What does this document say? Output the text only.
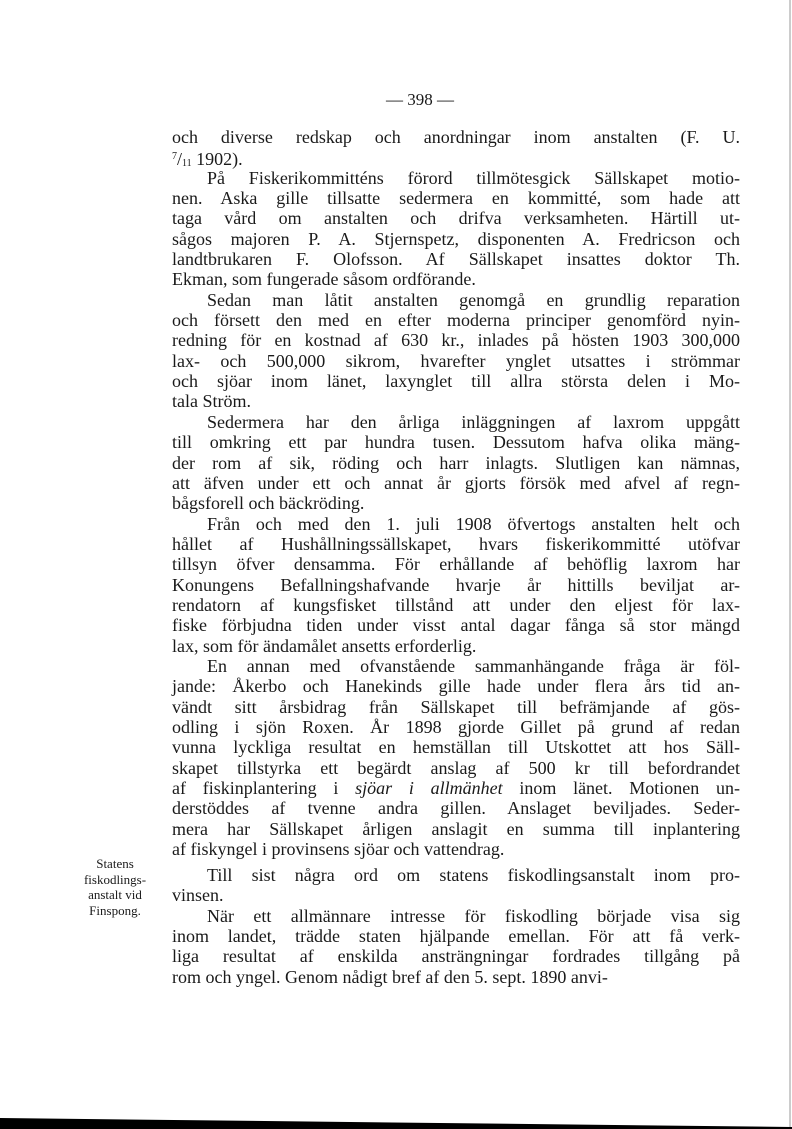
— 398 —
och diverse redskap och anordningar inom anstalten (F. U.
$^7/_{11}$ 1902).
På Fiskerikommitténs förord tillmötesgick Sällskapet motio-
nen. Aska gille tillsatte sedermera en kommitté, som hade att
taga vård om anstalten och drifva verksamheten. Härtill ut-
sågos majoren P. A. Stjernspetz, disponenten A. Fredricson och
landtbrukaren F. Olofsson. Af Sällskapet insattes doktor Th.
Ekman, som fungerade såsom ordförande.
Sedan man låtit anstalten genomgå en grundlig reparation
och försett den med en efter moderna principer genomförd nyin-
redning för en kostnad af 630 kr., inlades på hösten 1903 300,000
lax- och 500,000 sikrom, hvarefter ynglet utsattes i strömmar
och sjöar inom länet, laxynglet till allra största delen i Mo-
tala Ström.
Sedermera har den årliga inläggningen af laxrom uppgått
till omkring ett par hundra tusen. Dessutom hafva olika mäng-
der rom af sik, röding och harr inlagts. Slutligen kan nämnas,
att äfven under ett och annat år gjorts försök med afvel af regn-
bågsforell och bäckröding.
Från och med den 1. juli 1908 öfvertogs anstalten helt och
hållet af Hushållningssällskapet, hvars fiskerikommitté utöfvar
tillsyn öfver densamma. För erhållande af behöflig laxrom har
Konungens Befallningshafvande hvarje år hittills beviljat ar-
rendatorn af kungsfisket tillstånd att under den eljest för lax-
fiske förbjudna tiden under visst antal dagar fånga så stor mängd
lax, som för ändamålet ansetts erforderlig.
En annan med ofvanstående sammanhängande fråga är föl-
jande: Åkerbo och Hanekinds gille hade under flera års tid an-
vändt sitt årsbidrag från Sällskapet till befrämjande af gös-
odling i sjön Roxen. År 1898 gjorde Gillet på grund af redan
vunna lyckliga resultat en hemställan till Utskottet att hos Säll-
skapet tillstyrka ett begärdt anslag af 500 kr till befordrandet
af fiskinplantering i sjöar i allmänhet inom länet. Motionen un-
derstöddes af tvenne andra gillen. Anslaget beviljades. Seder-
mera har Sällskapet årligen anslagit en summa till inplantering
af fiskyngel i provinsens sjöar och vattendrag.
Till sist några ord om statens fiskodlingsanstalt inom pro-
vinsen.
När ett allmännare intresse för fiskodling började visa sig
inom landet, trädde staten hjälpande emellan. För att få verk-
liga resultat af enskilda ansträngningar fordrades tillgång på
rom och yngel. Genom nådigt bref af den 5. sept. 1890 anvi-
Statens
fiskodlings-
anstalt vid
Finspong.
